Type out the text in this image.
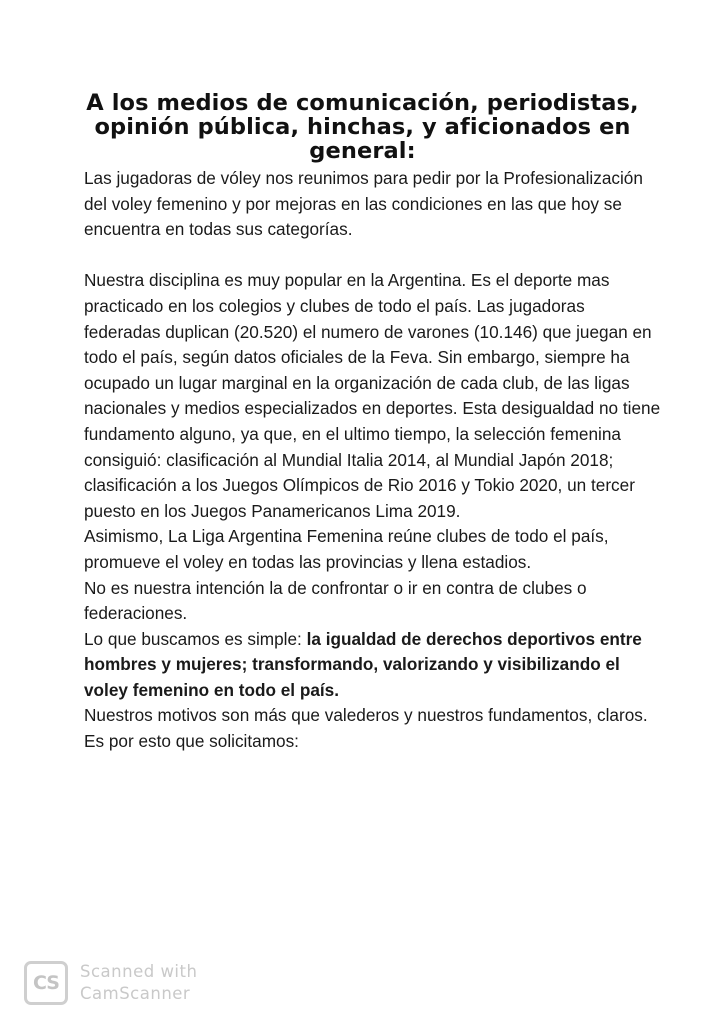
A los medios de comunicación, periodistas, opinión pública, hinchas, y aficionados en general:

Las jugadoras de vóley nos reunimos para pedir por la Profesionalización del voley femenino y por mejoras en las condiciones en las que hoy se encuentra en todas sus categorías.

Nuestra disciplina es muy popular en la Argentina. Es el deporte mas practicado en los colegios y clubes de todo el país. Las jugadoras federadas duplican (20.520) el numero de varones (10.146) que juegan en todo el país, según datos oficiales de la Feva. Sin embargo, siempre ha ocupado un lugar marginal en la organización de cada club, de las ligas nacionales y medios especializados en deportes. Esta desigualdad no tiene fundamento alguno, ya que, en el ultimo tiempo, la selección femenina consiguió: clasificación al Mundial Italia 2014, al Mundial Japón 2018; clasificación a los Juegos Olímpicos de Rio 2016 y Tokio 2020, un tercer puesto en los Juegos Panamericanos Lima 2019.

Asimismo, La Liga Argentina Femenina reúne clubes de todo el país, promueve el voley en todas las provincias y llena estadios.

No es nuestra intención la de confrontar o ir en contra de clubes o federaciones.

Lo que buscamos es simple: la igualdad de derechos deportivos entre hombres y mujeres; transformando, valorizando y visibilizando el voley femenino en todo el país.

Nuestros motivos son más que valederos y nuestros fundamentos, claros.

Es por esto que solicitamos:

CS
Scanned with
CamScanner
